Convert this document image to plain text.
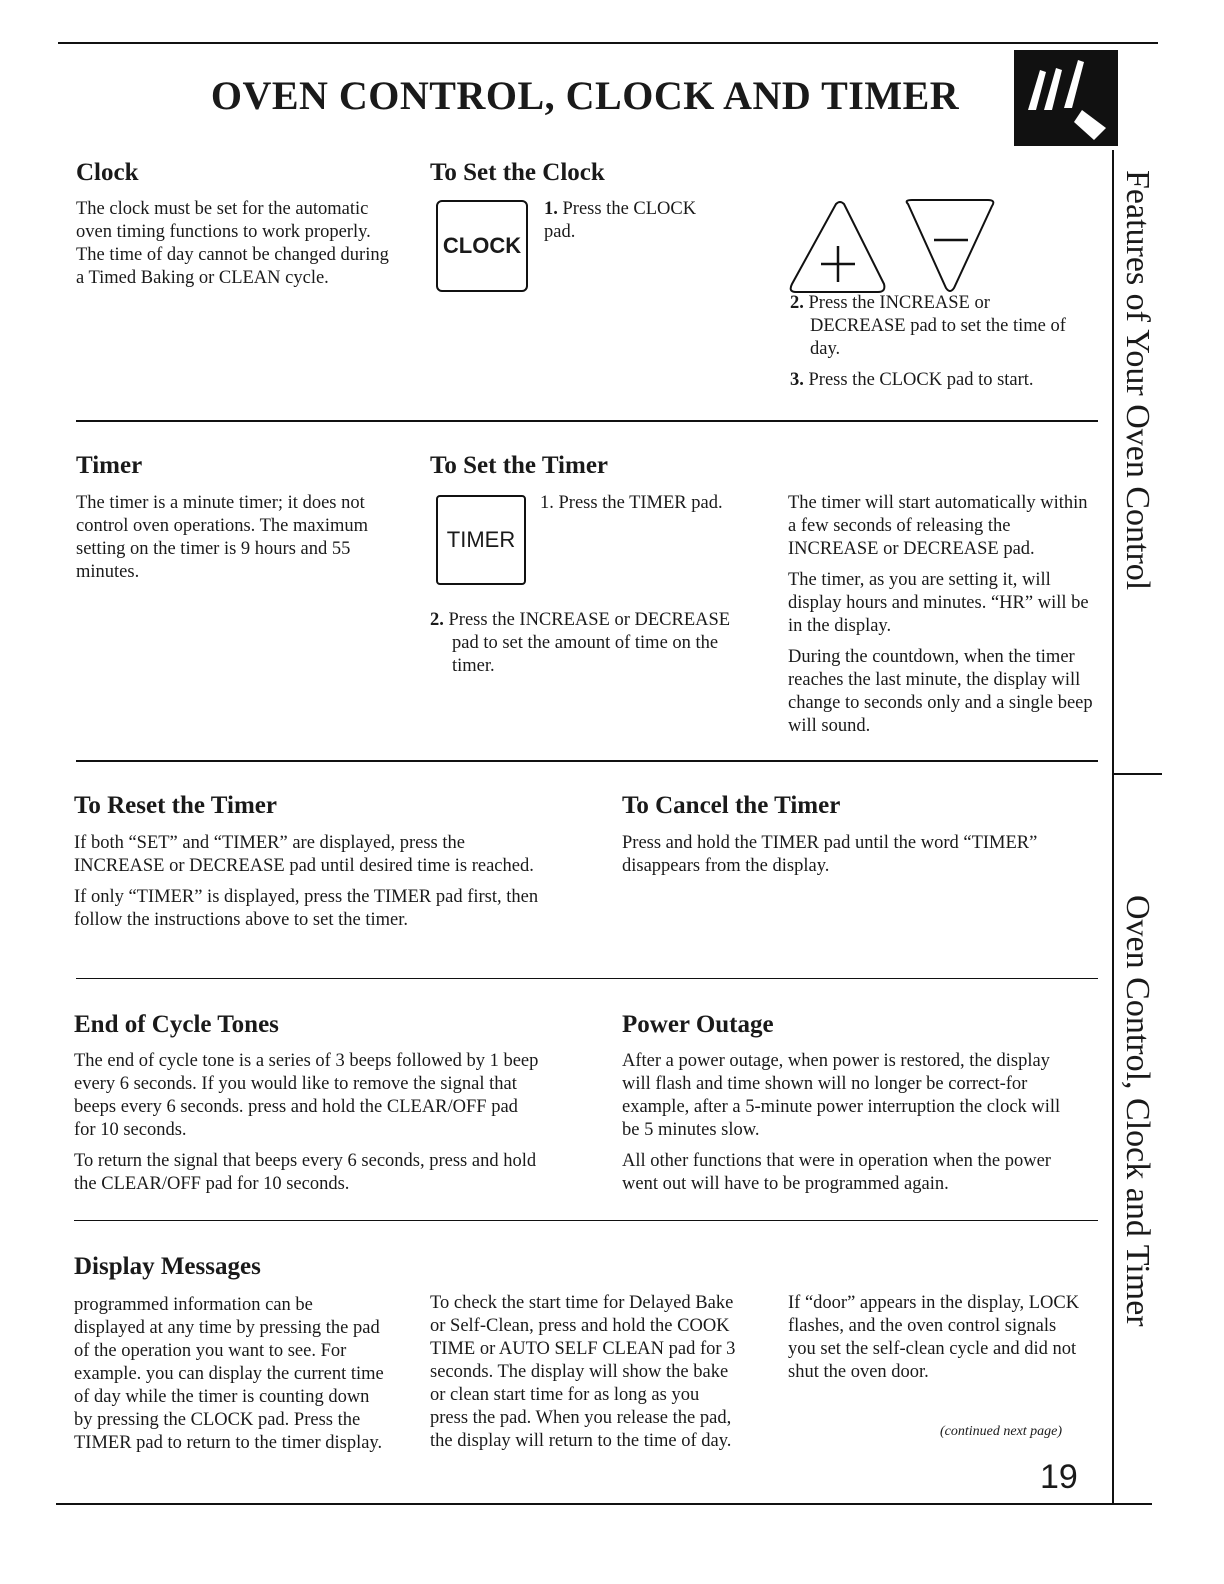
OVEN CONTROL, CLOCK AND TIMER
Features of Your Oven Control
Oven Control, Clock and Timer
Clock
The clock must be set for the automatic oven timing functions to work properly. The time of day cannot be changed during a Timed Baking or CLEAN cycle.
To Set the Clock
CLOCK
1. Press the CLOCK pad.
2. Press the INCREASE or DECREASE pad to set the time of day.
3. Press the CLOCK pad to start.
Timer
The timer is a minute timer; it does not control oven operations. The maximum setting on the timer is 9 hours and 55 minutes.
To Set the Timer
TIMER
1. Press the TIMER pad.
2. Press the INCREASE or DECREASE pad to set the amount of time on the timer.

The timer will start automatically within a few seconds of releasing the INCREASE or DECREASE pad.

The timer, as you are setting it, will display hours and minutes. “HR” will be in the display.

During the countdown, when the timer reaches the last minute, the display will change to seconds only and a single beep will sound.

To Reset the Timer

If both “SET” and “TIMER” are displayed, press the INCREASE or DECREASE pad until desired time is reached.

If only “TIMER” is displayed, press the TIMER pad first, then follow the instructions above to set the timer.

To Cancel the Timer

Press and hold the TIMER pad until the word “TIMER” disappears from the display.

End of Cycle Tones

The end of cycle tone is a series of 3 beeps followed by 1 beep every 6 seconds. If you would like to remove the signal that beeps every 6 seconds. press and hold the CLEAR/OFF pad for 10 seconds.

To return the signal that beeps every 6 seconds, press and hold the CLEAR/OFF pad for 10 seconds.

Power Outage

After a power outage, when power is restored, the display will flash and time shown will no longer be correct-for example, after a 5-minute power interruption the clock will be 5 minutes slow.

All other functions that were in operation when the power went out will have to be programmed again.

Display Messages
programmed information can be displayed at any time by pressing the pad of the operation you want to see. For example. you can display the current time of day while the timer is counting down by pressing the CLOCK pad. Press the TIMER pad to return to the timer display.
To check the start time for Delayed Bake or Self-Clean, press and hold the COOK TIME or AUTO SELF CLEAN pad for 3 seconds. The display will show the bake or clean start time for as long as you press the pad. When you release the pad, the display will return to the time of day.
If “door” appears in the display, LOCK flashes, and the oven control signals you set the self-clean cycle and did not shut the oven door.
(continued next page)
19
